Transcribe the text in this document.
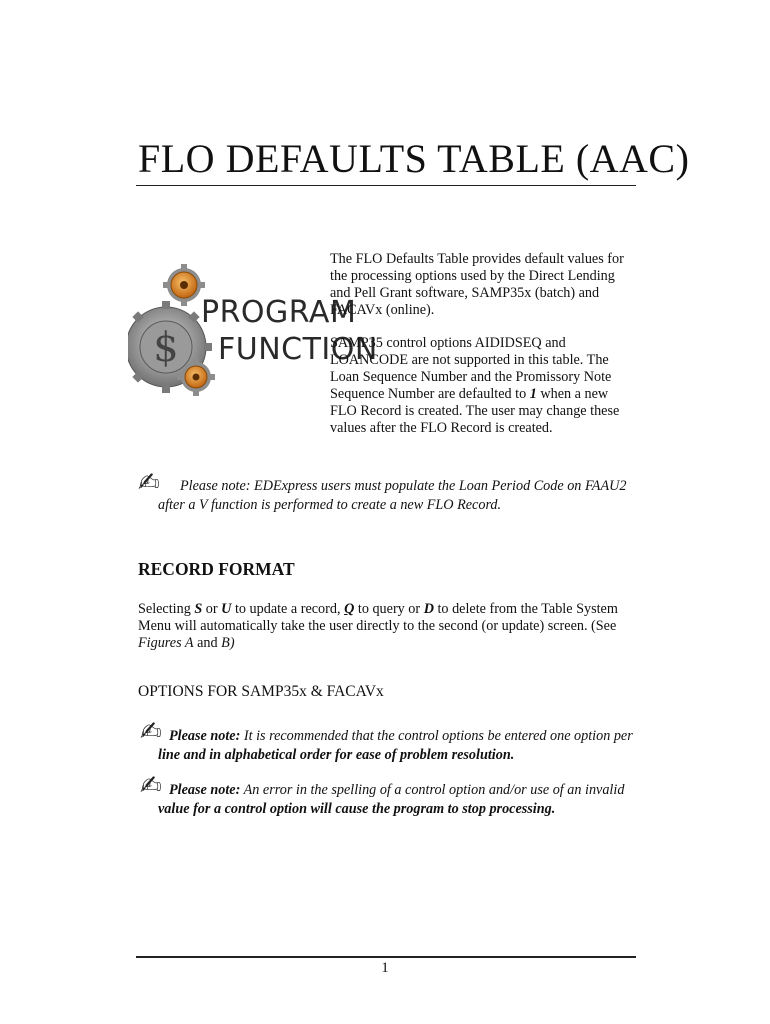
FLO DEFAULTS TABLE (AAC)
$
PROGRAM
FUNCTION

The FLO Defaults Table provides default values for the processing options used by the Direct Lending and Pell Grant software, SAMP35x (batch) and FACAVx (online).

SAMP35 control options AIDIDSEQ and LOANCODE are not supported in this table. The Loan Sequence Number and the Promissory Note Sequence Number are defaulted to 1 when a new FLO Record is created. The user may change these values after the FLO Record is created.

✍ Please note: EDExpress users must populate the Loan Period Code on FAAU2
after a V function is performed to create a new FLO Record.
RECORD FORMAT
Selecting S or U to update a record, Q to query or D to delete from the Table System Menu will automatically take the user directly to the second (or update) screen. (See Figures A and B)
OPTIONS FOR SAMP35x & FACAVx
✍ Please note: It is recommended that the control options be entered one option per
line and in alphabetical order for ease of problem resolution.
✍ Please note: An error in the spelling of a control option and/or use of an invalid
value for a control option will cause the program to stop processing.
1
